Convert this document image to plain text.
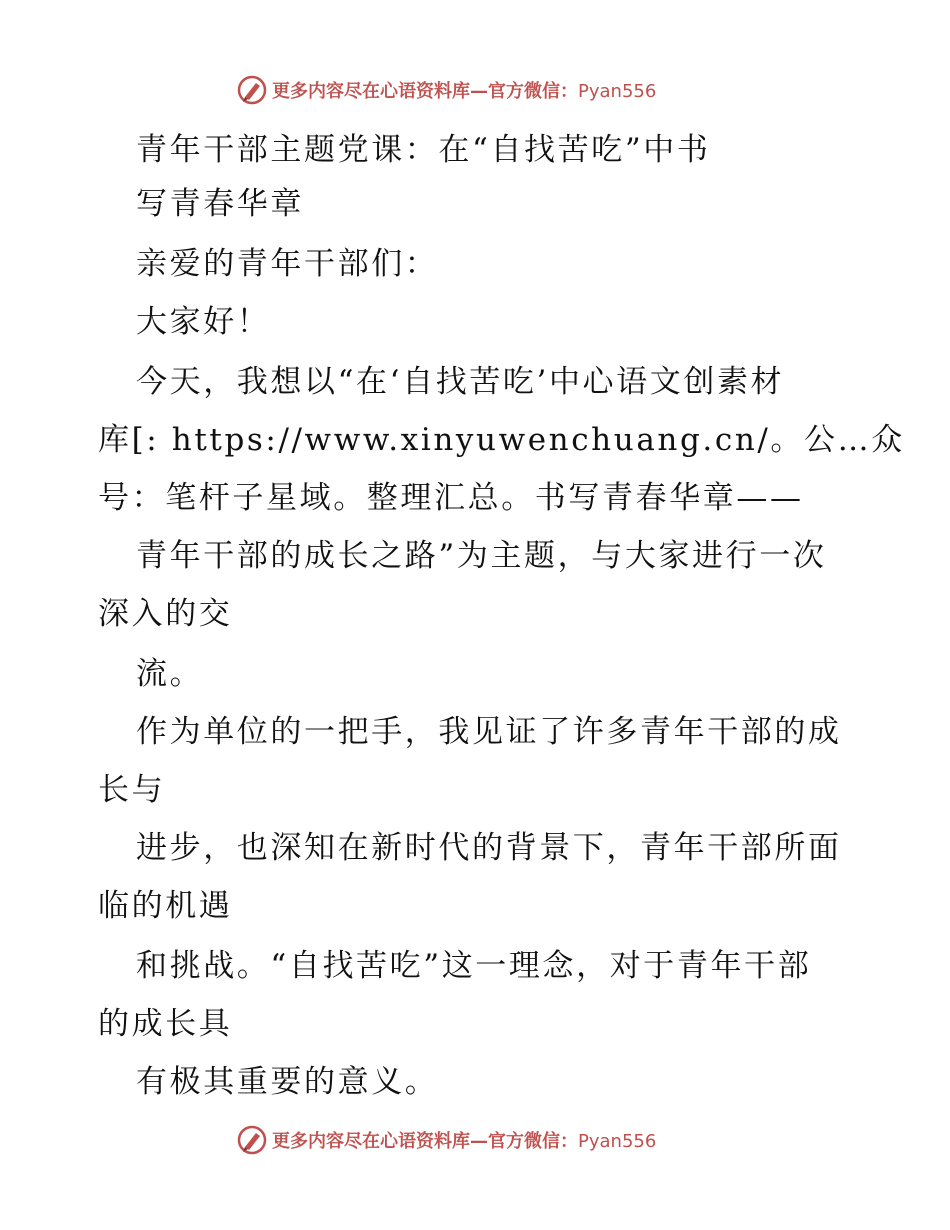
更多内容尽在心语资料库—官方微信：Pyan556
青年干部主题党课：在“自找苦吃”中书
写青春华章
亲爱的青年干部们：
大家好！
今天，我想以“在‘自找苦吃’中心语文创素材
库[: https://www.xinyuwenchuang.cn/。公…众
号：笔杆子星域。整理汇总。书写青春华章——
青年干部的成长之路”为主题，与大家进行一次
深入的交
流。
作为单位的一把手，我见证了许多青年干部的成
长与
进步，也深知在新时代的背景下，青年干部所面
临的机遇
和挑战。“自找苦吃”这一理念，对于青年干部
的成长具
有极其重要的意义。
更多内容尽在心语资料库—官方微信：Pyan556
